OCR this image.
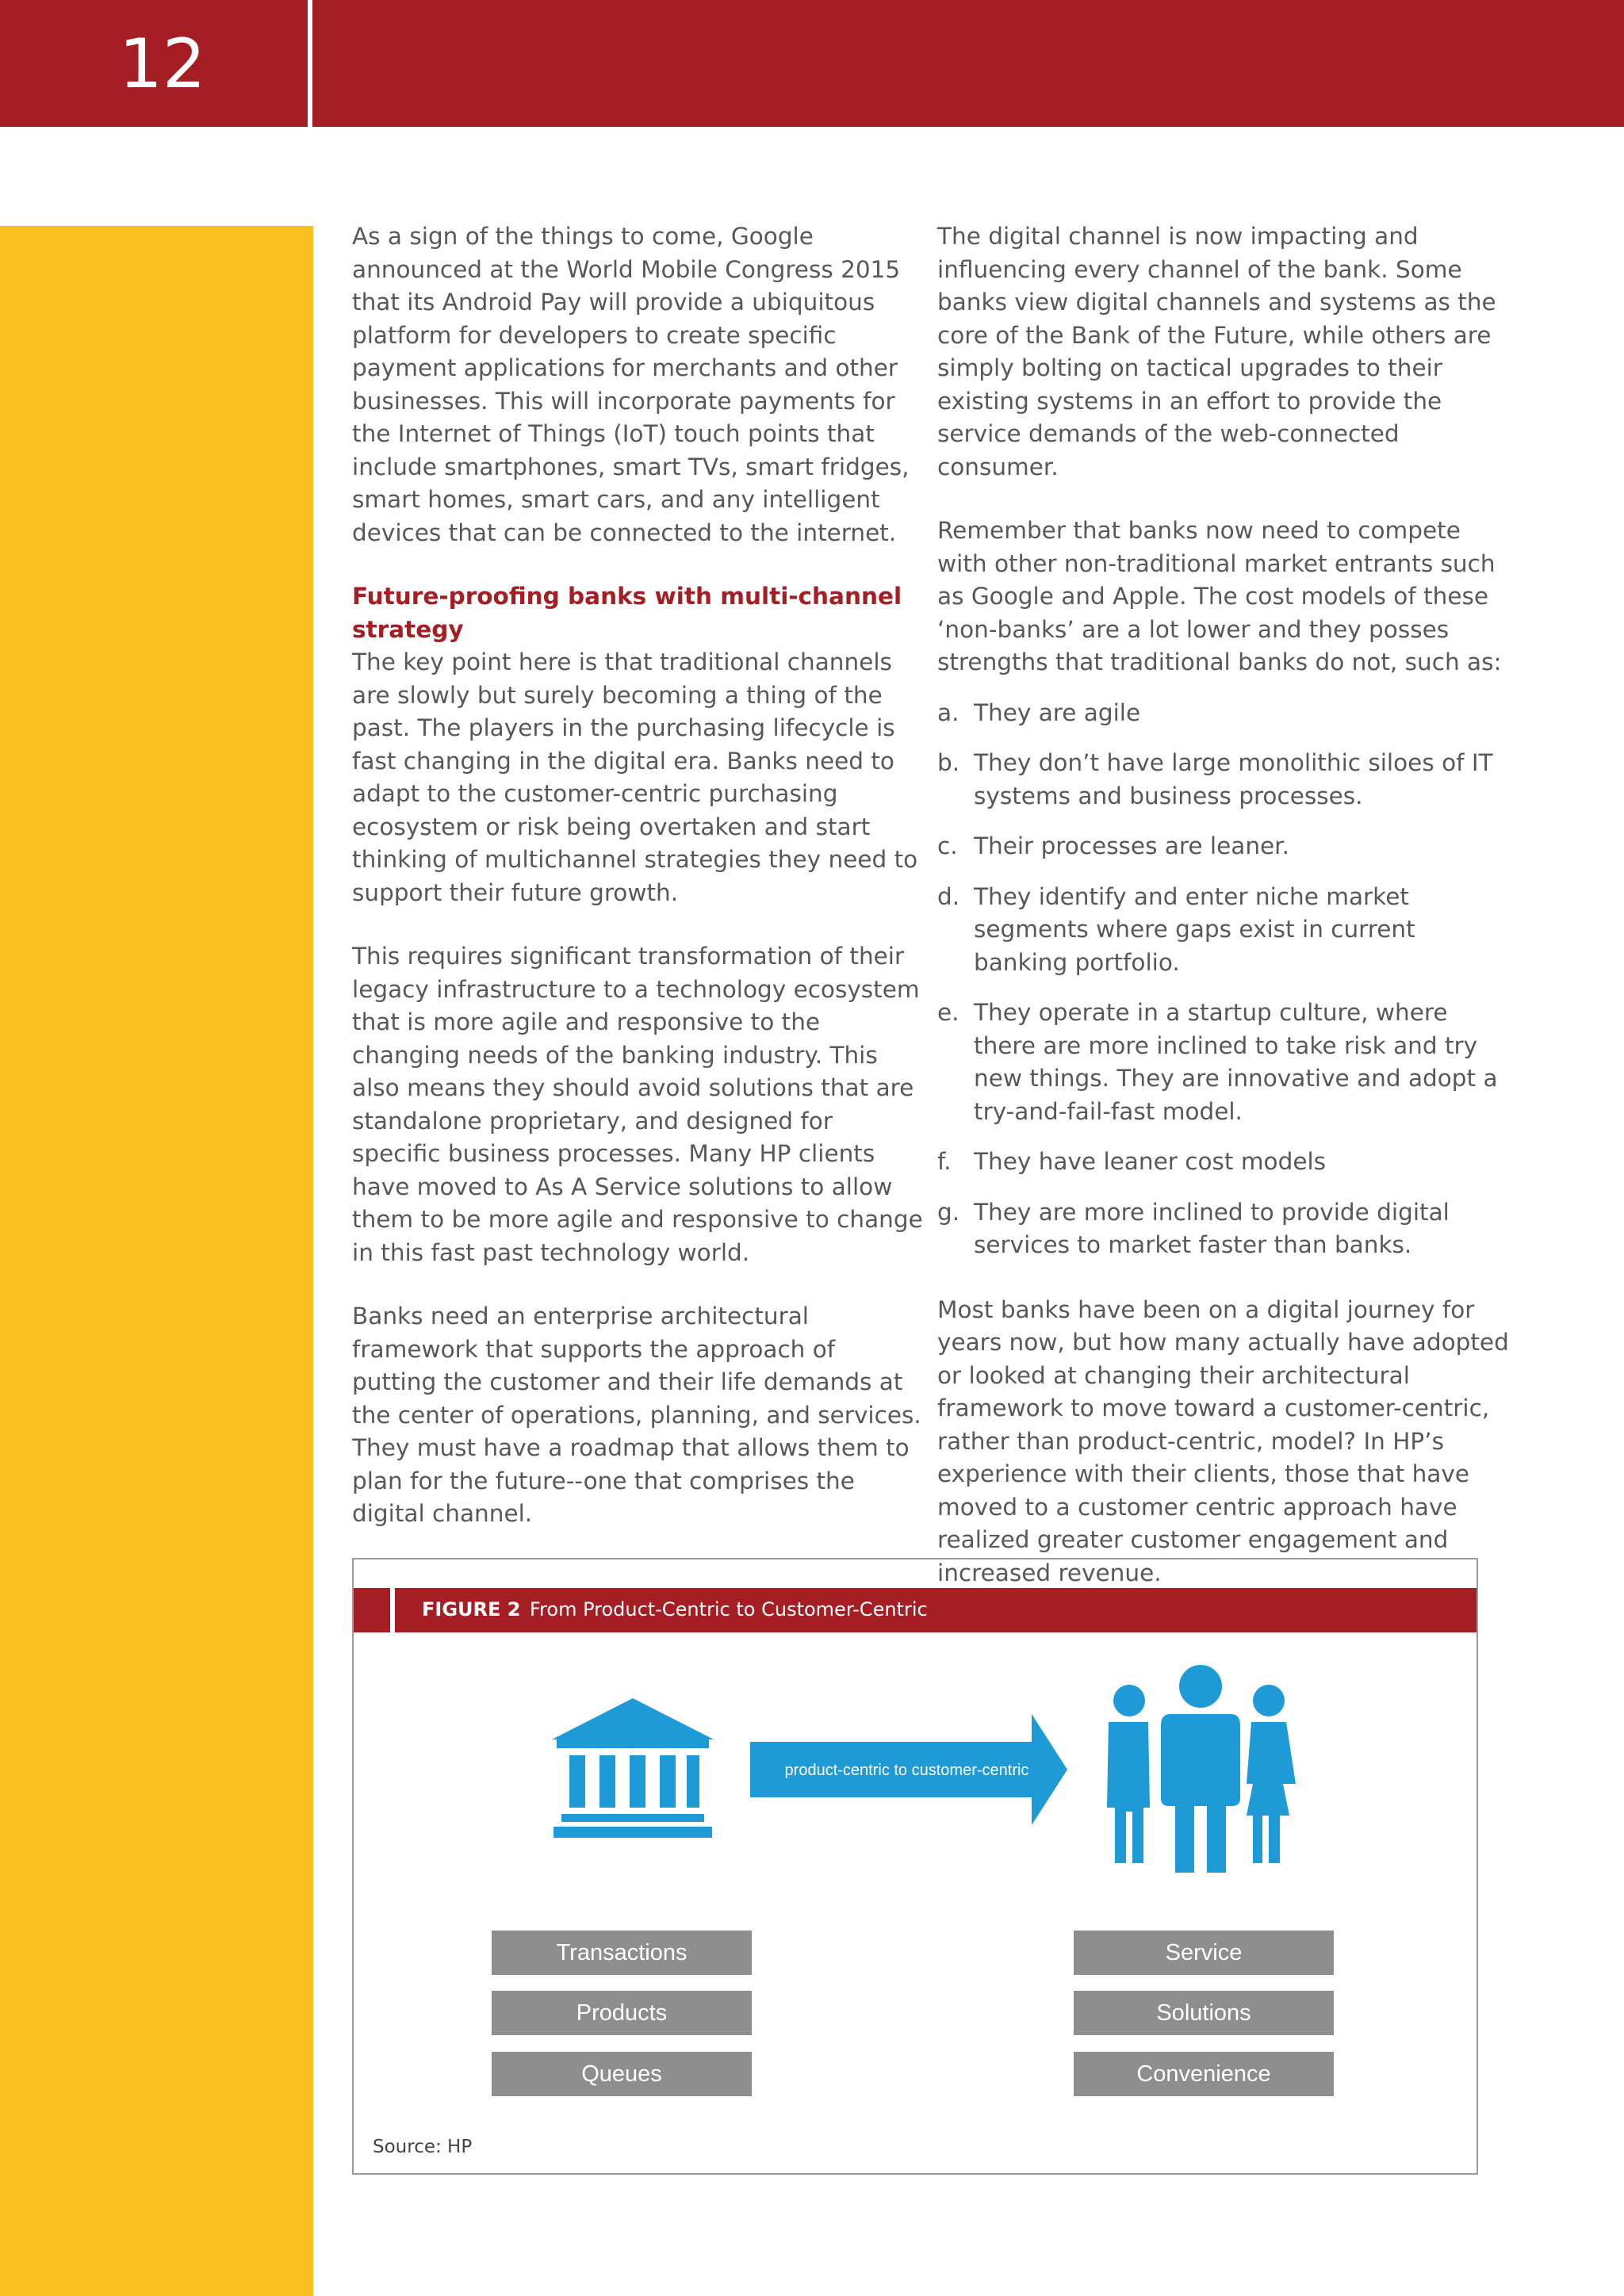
12

As a sign of the things to come, Google announced at the World Mobile Congress 2015 that its Android Pay will provide a ubiquitous platform for developers to create specific payment applications for merchants and other businesses. This will incorporate payments for the Internet of Things (IoT) touch points that include smartphones, smart TVs, smart fridges, smart homes, smart cars, and any intelligent devices that can be connected to the internet.

Future-proofing banks with multi-channel strategy

The key point here is that traditional channels are slowly but surely becoming a thing of the past. The players in the purchasing lifecycle is fast changing in the digital era. Banks need to adapt to the customer-centric purchasing ecosystem or risk being overtaken and start thinking of multichannel strategies they need to support their future growth.

This requires significant transformation of their legacy infrastructure to a technology ecosystem that is more agile and responsive to the changing needs of the banking industry. This also means they should avoid solutions that are standalone proprietary, and designed for specific business processes. Many HP clients have moved to As A Service solutions to allow them to be more agile and responsive to change in this fast past technology world.

Banks need an enterprise architectural framework that supports the approach of putting the customer and their life demands at the center of operations, planning, and services. They must have a roadmap that allows them to plan for the future--one that comprises the digital channel.

The digital channel is now impacting and influencing every channel of the bank. Some banks view digital channels and systems as the core of the Bank of the Future, while others are simply bolting on tactical upgrades to their existing systems in an effort to provide the service demands of the web-connected consumer.

Remember that banks now need to compete with other non-traditional market entrants such as Google and Apple. The cost models of these ‘non-banks’ are a lot lower and they posses strengths that traditional banks do not, such as:

a. They are agile
b. They don’t have large monolithic siloes of IT systems and business processes.
c. Their processes are leaner.
d. They identify and enter niche market segments where gaps exist in current banking portfolio.
e. They operate in a startup culture, where there are more inclined to take risk and try new things. They are innovative and adopt a try-and-fail-fast model.
f. They have leaner cost models
g. They are more inclined to provide digital services to market faster than banks.

Most banks have been on a digital journey for years now, but how many actually have adopted or looked at changing their architectural framework to move toward a customer-centric, rather than product-centric, model? In HP’s experience with their clients, those that have moved to a customer centric approach have realized greater customer engagement and increased revenue.

FIGURE 2 From Product-Centric to Customer-Centric
product-centric to customer-centric
Transactions
Products
Queues
Service
Solutions
Convenience
Source: HP
